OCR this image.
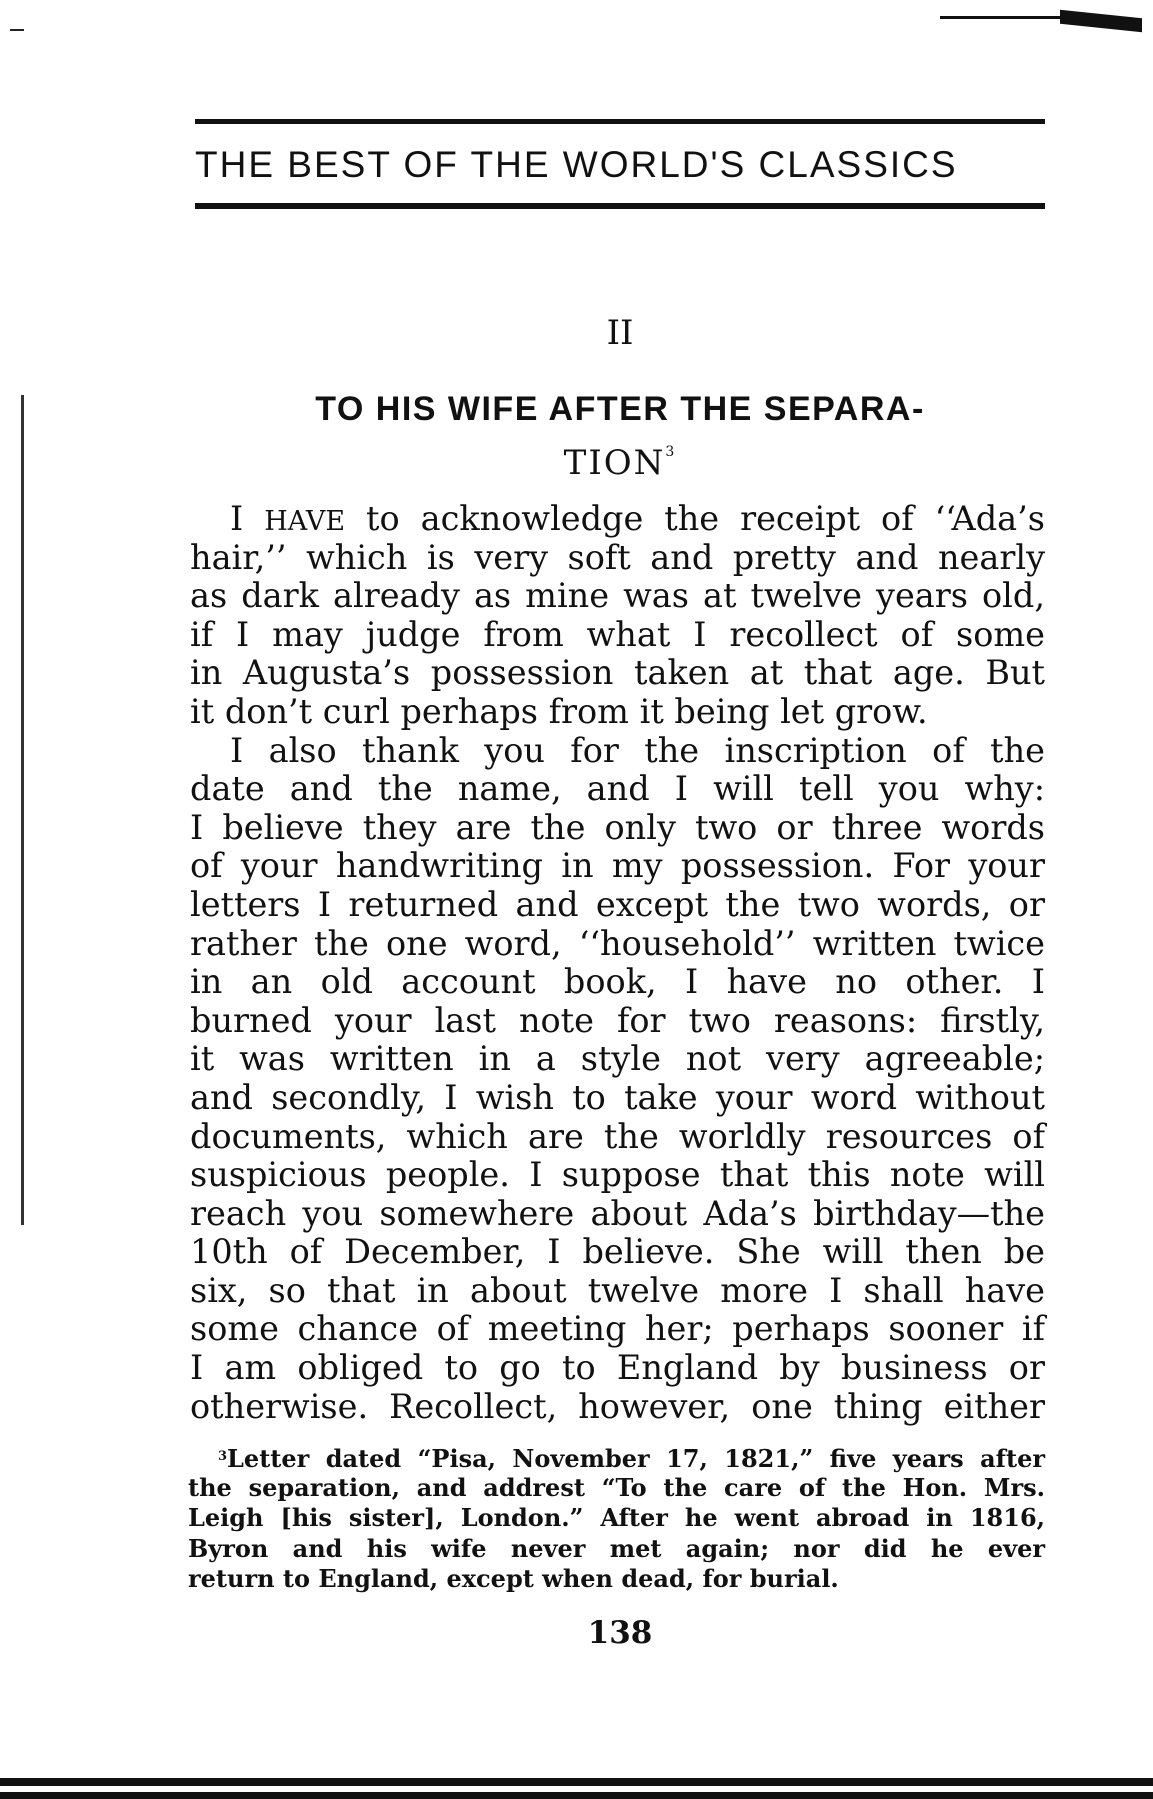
THE BEST OF THE WORLD'S CLASSICS
II
TO HIS WIFE AFTER THE SEPARA-
TION$^3$
I HAVE to acknowledge the receipt of ‘‘Ada’s
hair,’’ which is very soft and pretty and nearly
as dark already as mine was at twelve years old,
if I may judge from what I recollect of some
in Augusta’s possession taken at that age. But
it don’t curl perhaps from it being let grow.
I also thank you for the inscription of the
date and the name, and I will tell you why:
I believe they are the only two or three words
of your handwriting in my possession. For your
letters I returned and except the two words, or
rather the one word, ‘‘household’’ written twice
in an old account book, I have no other. I
burned your last note for two reasons: firstly,
it was written in a style not very agreeable;
and secondly, I wish to take your word without
documents, which are the worldly resources of
suspicious people. I suppose that this note will
reach you somewhere about Ada’s birthday—the
10th of December, I believe. She will then be
six, so that in about twelve more I shall have
some chance of meeting her; perhaps sooner if
I am obliged to go to England by business or
otherwise. Recollect, however, one thing either
$^3$Letter dated “Pisa, November 17, 1821,” five years after
the separation, and addrest “To the care of the Hon. Mrs.
Leigh [his sister], London.” After he went abroad in 1816,
Byron and his wife never met again; nor did he ever
return to England, except when dead, for burial.
138
